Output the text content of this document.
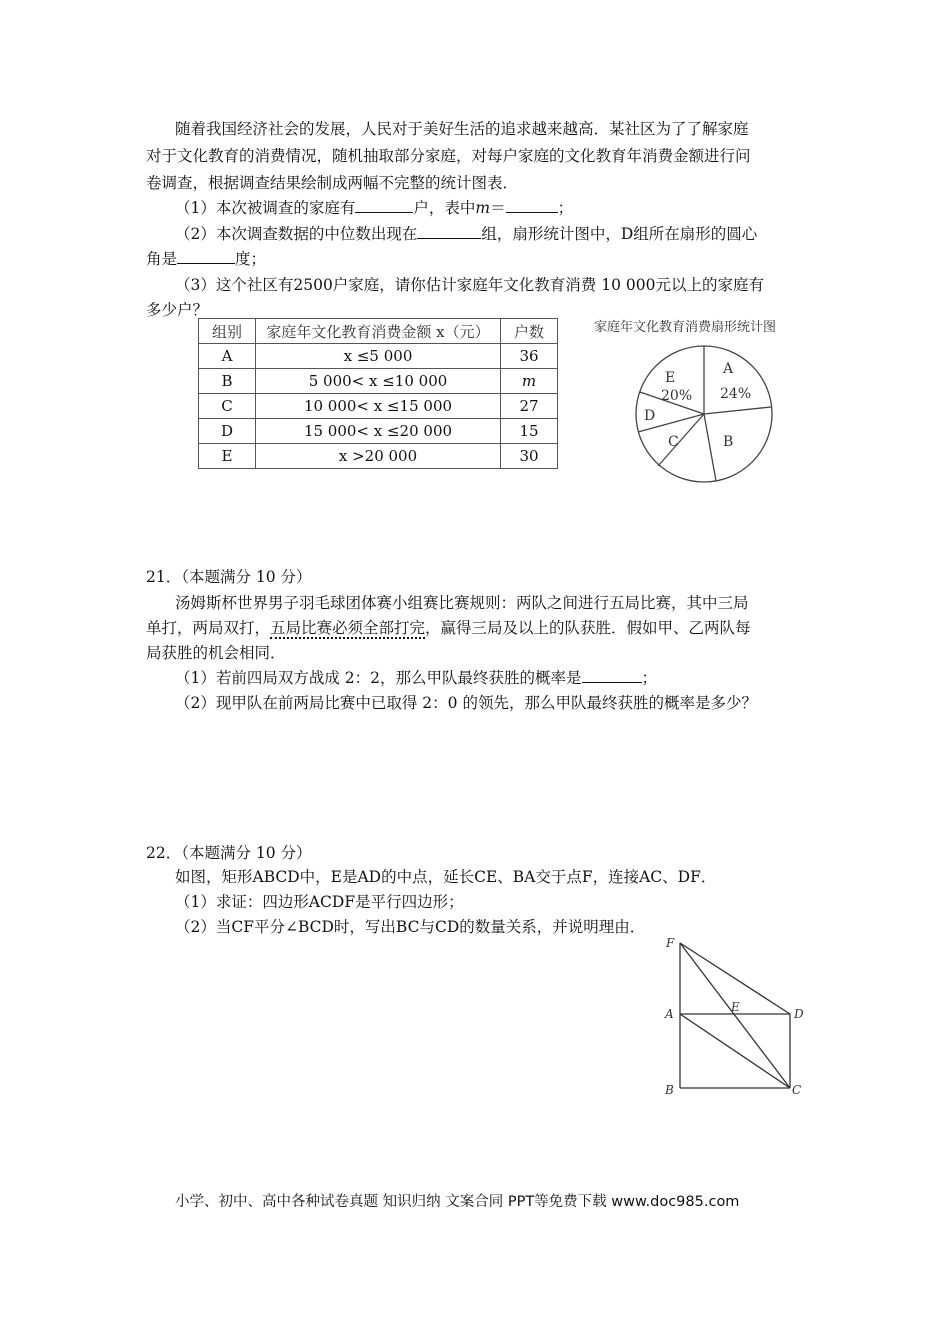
随着我国经济社会的发展，人民对于美好生活的追求越来越高．某社区为了了解家庭

对于文化教育的消费情况，随机抽取部分家庭，对每户家庭的文化教育年消费金额进行问

卷调查，根据调查结果绘制成两幅不完整的统计图表．

（1）本次被调查的家庭有	户，表中m＝	；

（2）本次调查数据的中位数出现在	组，扇形统计图中，D组所在扇形的圆心

角是	度；

（3）这个社区有2500户家庭，请你估计家庭年文化教育消费 10 000元以上的家庭有

多少户？

组别	家庭年文化教育消费金额 x（元）	户数
A	x ≤5 000	36
B	5 000< x ≤10 000	m
C	10 000< x ≤15 000	27
D	15 000< x ≤20 000	15
E	x >20 000	30
家庭年文化教育消费扇形统计图
A
24%
B
C
D
E
20%

21．（本题满分 10 分）

汤姆斯杯世界男子羽毛球团体赛小组赛比赛规则：两队之间进行五局比赛，其中三局

单打，两局双打，五局比赛必须全部打完，赢得三局及以上的队获胜．假如甲、乙两队每

局获胜的机会相同．

（1）若前四局双方战成 2：2，那么甲队最终获胜的概率是	；

（2）现甲队在前两局比赛中已取得 2：0 的领先，那么甲队最终获胜的概率是多少？

22．（本题满分 10 分）

如图，矩形ABCD中，E是AD的中点，延长CE、BA交于点F，连接AC、DF．

（1）求证：四边形ACDF是平行四边形；

（2）当CF平分∠BCD时，写出BC与CD的数量关系，并说明理由．

F
A	E	D
B	C
小学、初中、高中各种试卷真题 知识归纳 文案合同 PPT等免费下载 www.doc985.com
